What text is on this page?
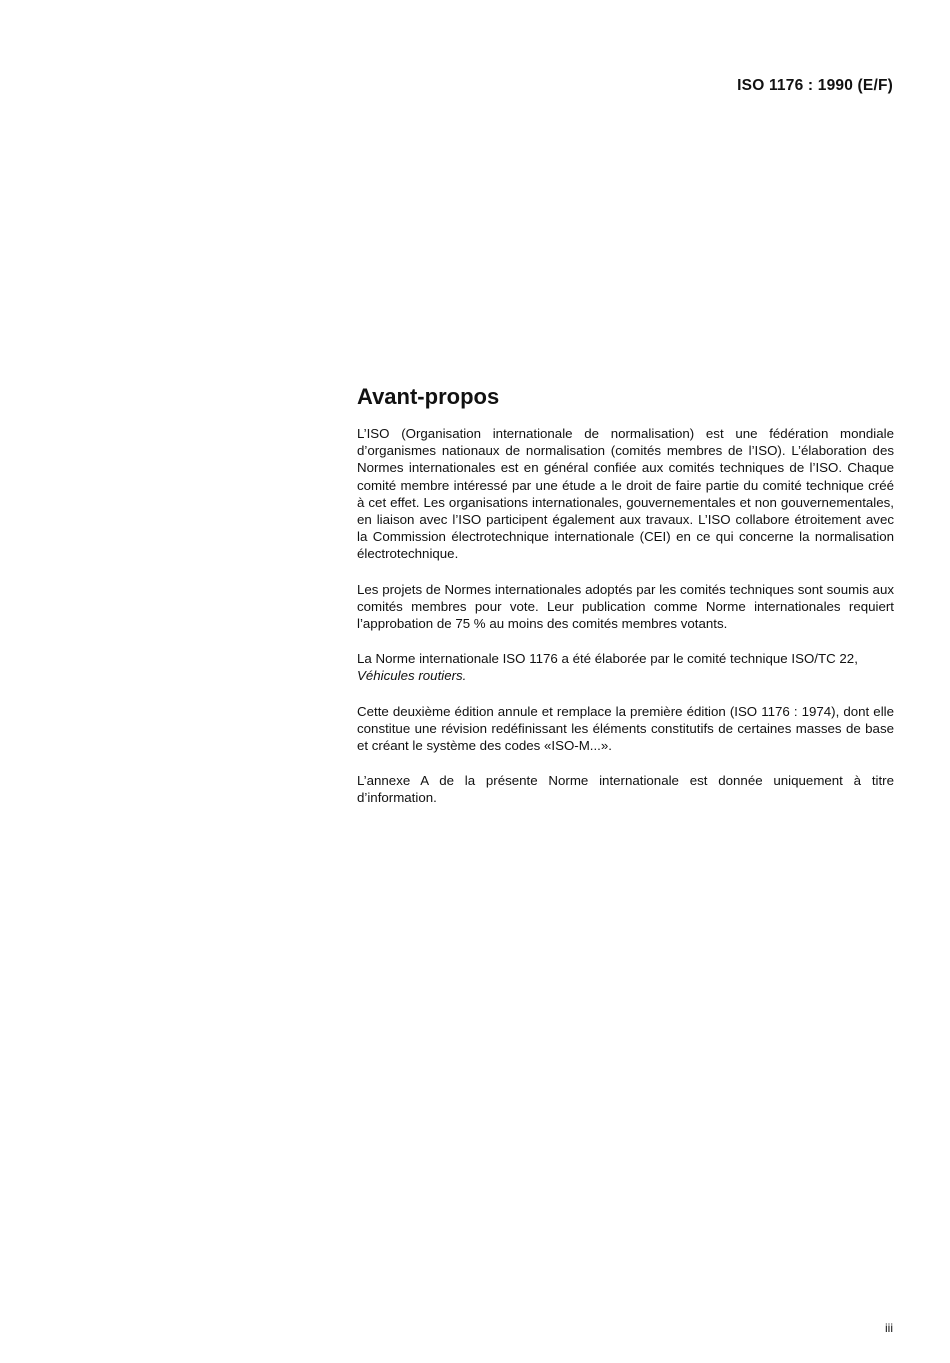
ISO 1176 : 1990 (E/F)
Avant-propos

L’ISO (Organisation internationale de normalisation) est une fédération mondiale d’organismes nationaux de normalisation (comités membres de l’ISO). L’élaboration des Normes internationales est en général confiée aux comités techniques de l’ISO. Chaque comité membre intéressé par une étude a le droit de faire partie du comité technique créé à cet effet. Les organisations internationales, gouvernementales et non gouvernementales, en liaison avec l’ISO participent également aux travaux. L’ISO collabore étroitement avec la Commission électrotechnique internationale (CEI) en ce qui concerne la normalisation électrotechnique.

Les projets de Normes internationales adoptés par les comités techniques sont soumis aux comités membres pour vote. Leur publication comme Norme internationales requiert l’approbation de 75 % au moins des comités membres votants.

La Norme internationale ISO 1176 a été élaborée par le comité technique ISO/TC 22,
Véhicules routiers.

Cette deuxième édition annule et remplace la première édition (ISO 1176 : 1974), dont elle constitue une révision redéfinissant les éléments constitutifs de certaines masses de base et créant le système des codes «ISO-M...».

L’annexe A de la présente Norme internationale est donnée uniquement à titre d’information.

iii
